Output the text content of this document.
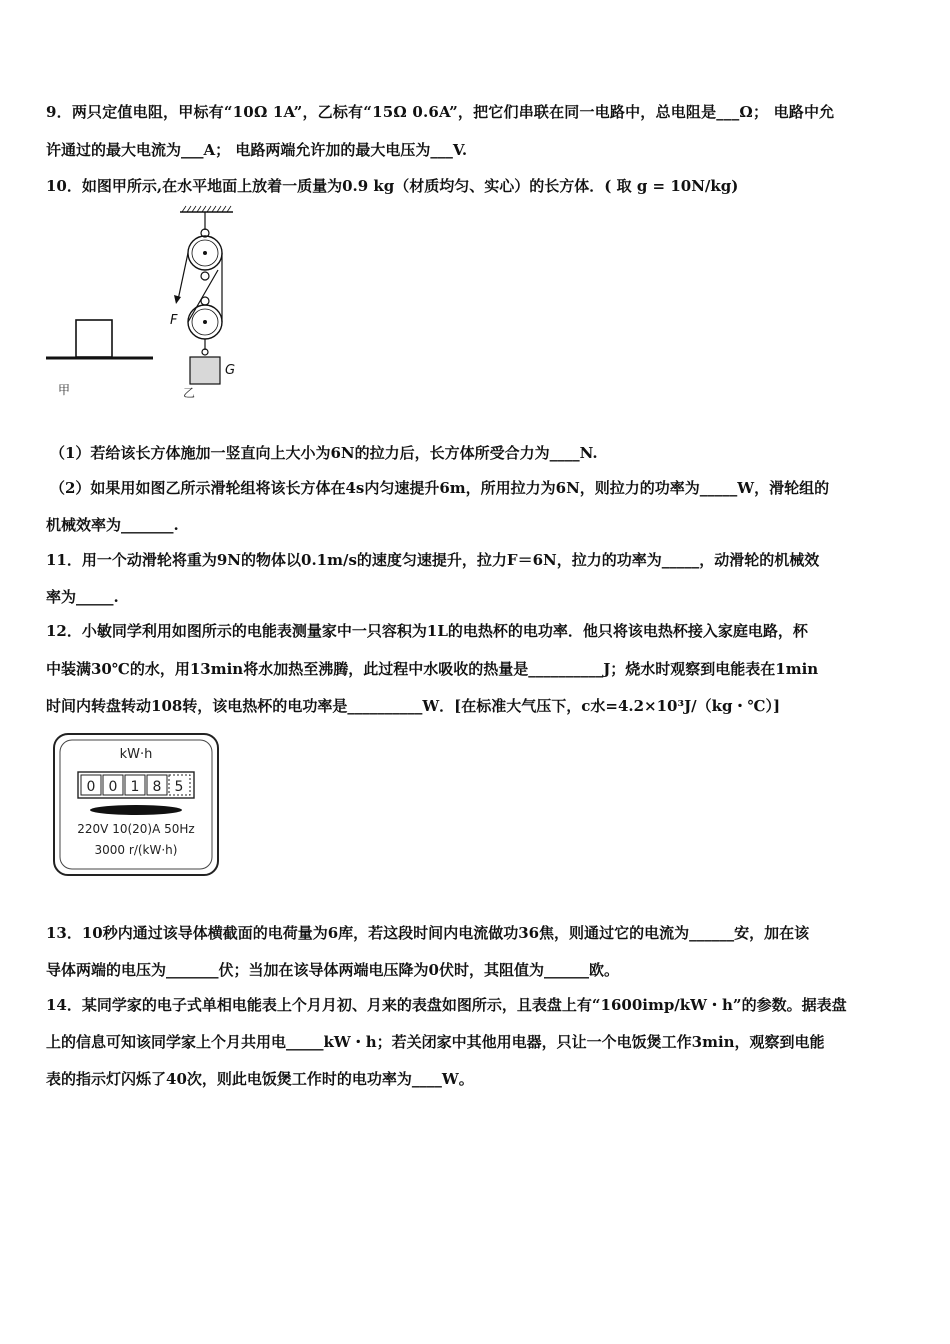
9．两只定值电阻，甲标有“10Ω 1A”，乙标有“15Ω 0.6A”，把它们串联在同一电路中，总电阻是___Ω； 电路中允
许通过的最大电流为___A； 电路两端允许加的最大电压为___V.
10．如图甲所示,在水平地面上放着一质量为0.9 kg（材质均匀、实心）的长方体．( 取 g = 10N/kg)
甲
F
G
乙
（1）若给该长方体施加一竖直向上大小为6N的拉力后，长方体所受合力为____N.
（2）如果用如图乙所示滑轮组将该长方体在4s内匀速提升6m，所用拉力为6N，则拉力的功率为_____W，滑轮组的
机械效率为_______.
11．用一个动滑轮将重为9N的物体以0.1m/s的速度匀速提升，拉力F＝6N，拉力的功率为_____，动滑轮的机械效
率为_____.
12．小敏同学利用如图所示的电能表测量家中一只容积为1L的电热杯的电功率．他只将该电热杯接入家庭电路，杯
中装满30℃的水，用13min将水加热至沸腾，此过程中水吸收的热量是__________J；烧水时观察到电能表在1min
时间内转盘转动108转，该电热杯的电功率是__________W．[在标准大气压下，c水=4.2×10³J/（kg・℃）]
kW·h
0 0 1 8 5
220V 10(20)A 50Hz
3000 r/(kW·h)
13．10秒内通过该导体横截面的电荷量为6库，若这段时间内电流做功36焦，则通过它的电流为______安，加在该
导体两端的电压为_______伏；当加在该导体两端电压降为0伏时，其阻值为______欧。
14．某同学家的电子式单相电能表上个月月初、月来的表盘如图所示，且表盘上有“1600imp/kW・h”的参数。据表盘
上的信息可知该同学家上个月共用电_____kW・h；若关闭家中其他用电器，只让一个电饭煲工作3min，观察到电能
表的指示灯闪烁了40次，则此电饭煲工作时的电功率为____W。
